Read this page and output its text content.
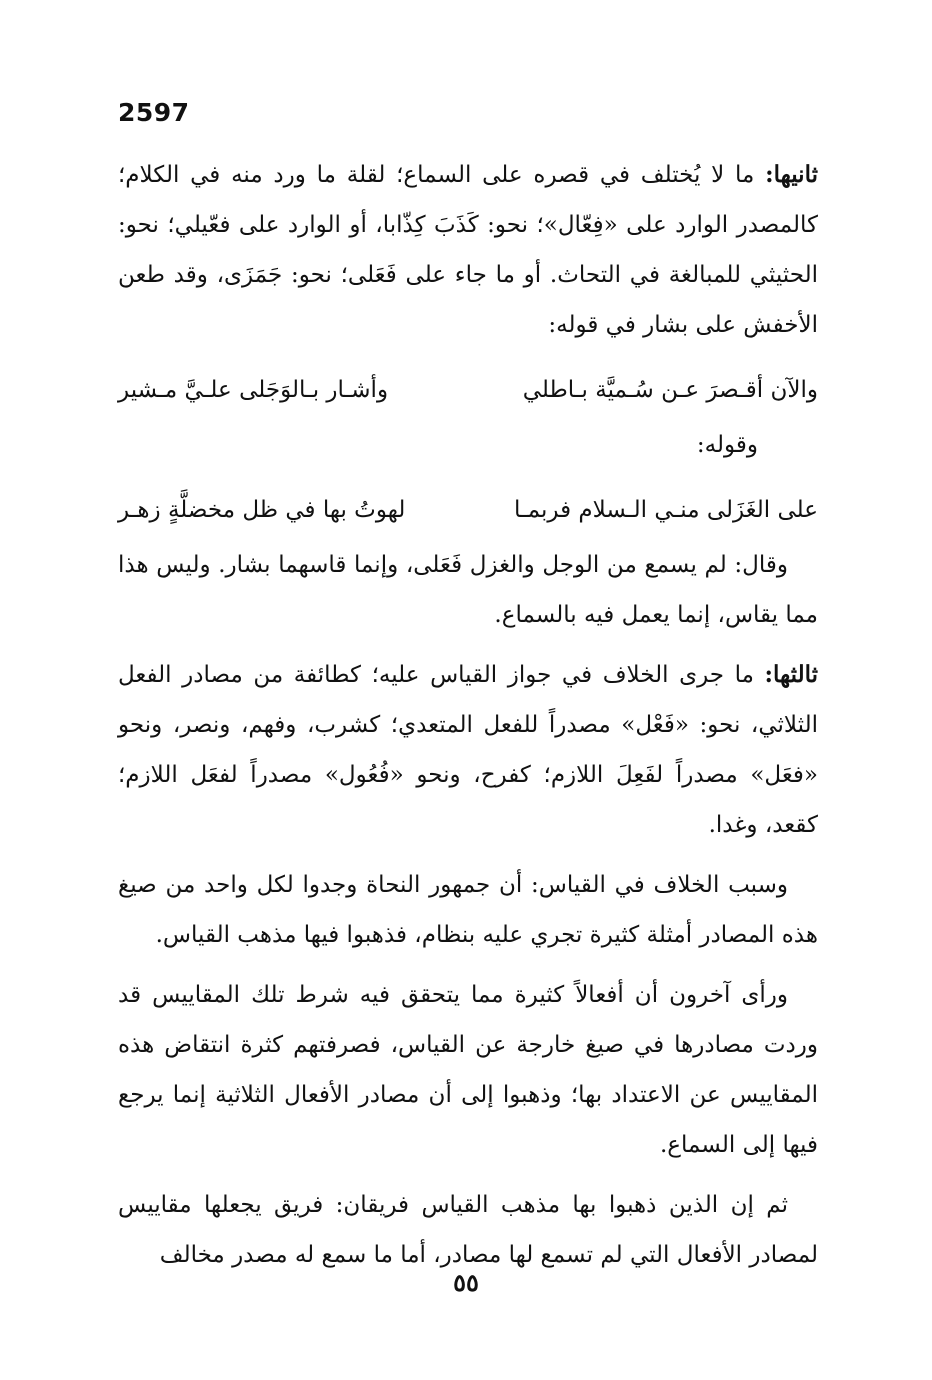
2597

ثانيها: ما لا يُختلف في قصره على السماع؛ لقلة ما ورد منه في الكلام؛ كالمصدر الوارد على «فِعّال»؛ نحو: كَذَبَ كِذّابا، أو الوارد على فعّيلي؛ نحو: الحثيثي للمبالغة في التحاث. أو ما جاء على فَعَلى؛ نحو: جَمَزَى، وقد طعن الأخفش على بشار في قوله:

والآن أقـصرَ عـن سُـميَّة بـاطلي
وأشـار بـالوَجَلى علـيَّ مـشير

وقوله:

على الغَزَلى منـي الـسلام فربمـا
لهوتُ بها في ظل مخضلَّةٍ زهـر

وقال: لم يسمع من الوجل والغزل فَعَلى، وإنما قاسهما بشار. وليس هذا مما يقاس، إنما يعمل فيه بالسماع.

ثالثها: ما جرى الخلاف في جواز القياس عليه؛ كطائفة من مصادر الفعل الثلاثي، نحو: «فَعْل» مصدراً للفعل المتعدي؛ كشرب، وفهم، ونصر، ونحو «فعَل» مصدراً لفَعِلَ اللازم؛ كفرح، ونحو «فُعُول» مصدراً لفعَل اللازم؛ كقعد، وغدا.

وسبب الخلاف في القياس: أن جمهور النحاة وجدوا لكل واحد من صيغ هذه المصادر أمثلة كثيرة تجري عليه بنظام، فذهبوا فيها مذهب القياس.

ورأى آخرون أن أفعالاً كثيرة مما يتحقق فيه شرط تلك المقاييس قد وردت مصادرها في صيغ خارجة عن القياس، فصرفتهم كثرة انتقاض هذه المقاييس عن الاعتداد بها؛ وذهبوا إلى أن مصادر الأفعال الثلاثية إنما يرجع فيها إلى السماع.

ثم إن الذين ذهبوا بها مذهب القياس فريقان: فريق يجعلها مقاييس لمصادر الأفعال التي لم تسمع لها مصادر، أما ما سمع له مصدر مخالف

٥٥
